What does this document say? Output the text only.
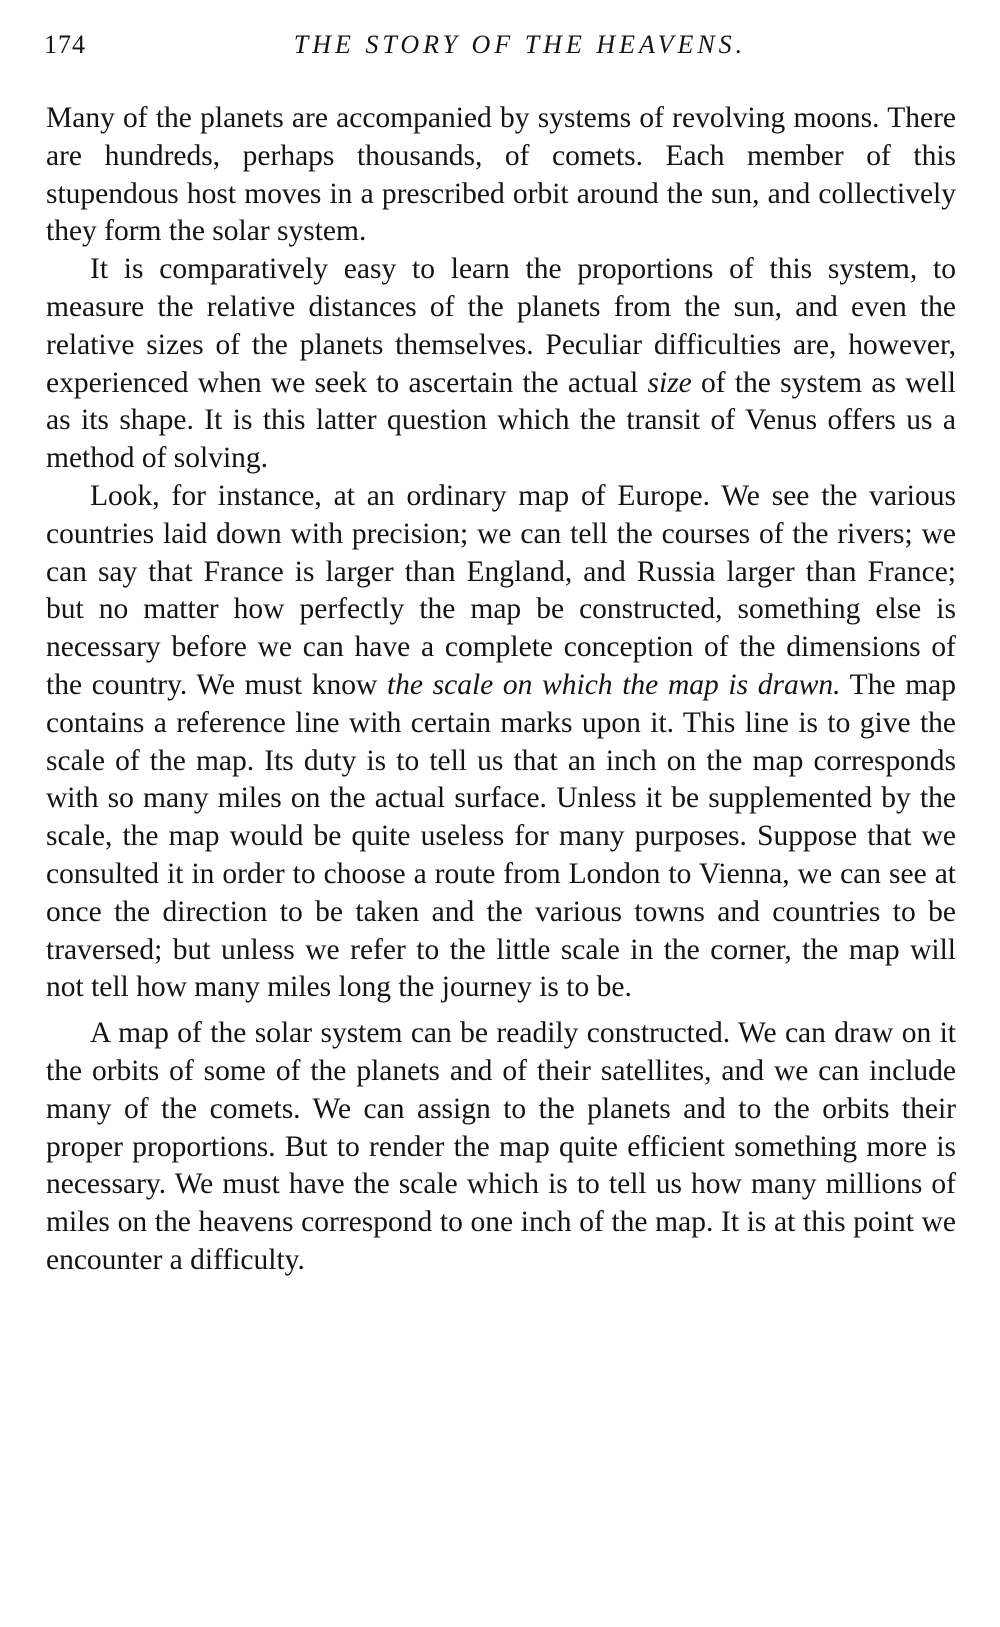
174	THE STORY OF THE HEAVENS.

Many of the planets are accompanied by systems of revolving moons. There are hundreds, perhaps thousands, of comets. Each member of this stupendous host moves in a prescribed orbit around the sun, and collectively they form the solar system.

It is comparatively easy to learn the proportions of this system, to measure the relative distances of the planets from the sun, and even the relative sizes of the planets themselves. Peculiar difficulties are, however, experienced when we seek to ascertain the actual size of the system as well as its shape. It is this latter question which the transit of Venus offers us a method of solving.

Look, for instance, at an ordinary map of Europe. We see the various countries laid down with precision; we can tell the courses of the rivers; we can say that France is larger than England, and Russia larger than France; but no matter how perfectly the map be constructed, something else is necessary before we can have a complete conception of the dimensions of the country. We must know the scale on which the map is drawn. The map contains a reference line with certain marks upon it. This line is to give the scale of the map. Its duty is to tell us that an inch on the map corresponds with so many miles on the actual surface. Unless it be supplemented by the scale, the map would be quite useless for many purposes. Suppose that we consulted it in order to choose a route from London to Vienna, we can see at once the direction to be taken and the various towns and countries to be traversed; but unless we refer to the little scale in the corner, the map will not tell how many miles long the journey is to be.

A map of the solar system can be readily constructed. We can draw on it the orbits of some of the planets and of their satellites, and we can include many of the comets. We can assign to the planets and to the orbits their proper proportions. But to render the map quite efficient something more is necessary. We must have the scale which is to tell us how many millions of miles on the heavens correspond to one inch of the map. It is at this point we encounter a difficulty.
